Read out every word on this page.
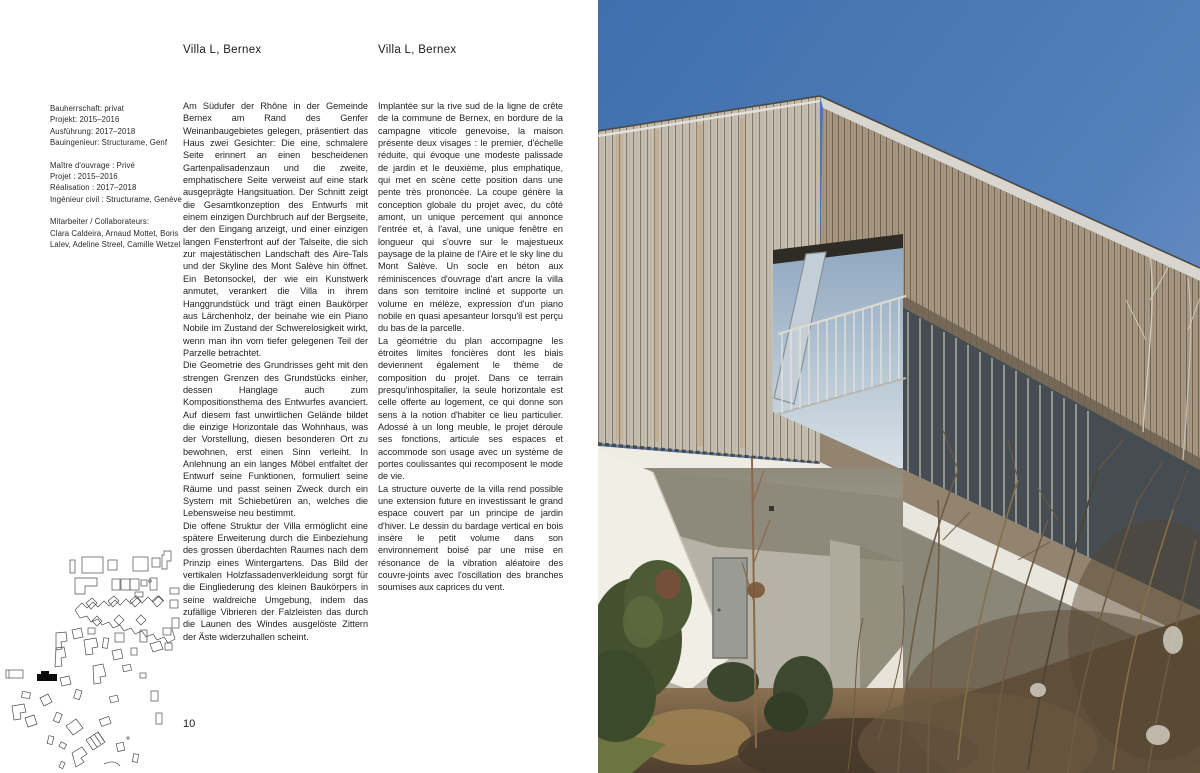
Bauherrschaft: privat
Projekt: 2015–2016
Ausführung: 2017–2018
Bauingenieur: Structurame, Genf
Maître d'ouvrage : Privé
Projet : 2015–2016
Réalisation : 2017–2018
Ingénieur civil : Structurame, Genève
Mitarbeiter / Collaborateurs:
Clara Caldeira, Arnaud Mottet, Boris Lalev, Adeline Streel, Camille Wetzel
Villa L, Bernex

Am Südufer der Rhône in der Gemeinde Bernex am Rand des Genfer Weinanbaugebietes gelegen, präsentiert das Haus zwei Gesichter: Die eine, schmalere Seite erinnert an einen bescheidenen Gartenpalisadenzaun und die zweite, emphatischere Seite verweist auf eine stark ausgeprägte Hangsituation. Der Schnitt zeigt die Gesamtkonzeption des Entwurfs mit einem einzigen Durchbruch auf der Bergseite, der den Eingang anzeigt, und einer einzigen langen Fensterfront auf der Talseite, die sich zur majestätischen Landschaft des Aire-Tals und der Skyline des Mont Salève hin öffnet. Ein Betonsockel, der wie ein Kunstwerk anmutet, verankert die Villa in ihrem Hanggrundstück und trägt einen Baukörper aus Lärchenholz, der beinahe wie ein Piano Nobile im Zustand der Schwerelosigkeit wirkt, wenn man ihn vom tiefer gelegenen Teil der Parzelle betrachtet.

Die Geometrie des Grundrisses geht mit den strengen Grenzen des Grundstücks einher, dessen Hanglage auch zum Kompositionsthema des Entwurfes avanciert. Auf diesem fast unwirtlichen Gelände bildet die einzige Horizontale das Wohnhaus, was der Vorstellung, diesen besonderen Ort zu bewohnen, erst einen Sinn verleiht. In Anlehnung an ein langes Möbel entfaltet der Entwurf seine Funktionen, formuliert seine Räume und passt seinen Zweck durch ein System mit Schiebetüren an, welches die Lebensweise neu bestimmt.

Die offene Struktur der Villa ermöglicht eine spätere Erweiterung durch die Einbeziehung des grossen überdachten Raumes nach dem Prinzip eines Wintergartens. Das Bild der vertikalen Holzfassadenverkleidung sorgt für die Eingliederung des kleinen Baukörpers in seine waldreiche Umgebung, indem das zufällige Vibrieren der Falzleisten das durch die Launen des Windes ausgelöste Zittern der Äste widerzuhallen scheint.

Villa L, Bernex

Implantée sur la rive sud de la ligne de crête de la commune de Bernex, en bordure de la campagne viticole genevoise, la maison présente deux visages : le premier, d'échelle réduite, qui évoque une modeste palissade de jardin et le deuxième, plus emphatique, qui met en scène cette position dans une pente très prononcée. La coupe génère la conception globale du projet avec, du côté amont, un unique percement qui annonce l'entrée et, à l'aval, une unique fenêtre en longueur qui s'ouvre sur le majestueux paysage de la plaine de l'Aire et le sky line du Mont Salève. Un socle en béton aux réminiscences d'ouvrage d'art ancre la villa dans son territoire incliné et supporte un volume en mélèze, expression d'un piano nobile en quasi apesanteur lorsqu'il est perçu du bas de la parcelle.

La géométrie du plan accompagne les étroites limites foncières dont les biais deviennent également le thème de composition du projet. Dans ce terrain presqu'inhospitalier, la seule horizontale est celle offerte au logement, ce qui donne son sens à la notion d'habiter ce lieu particulier. Adossé à un long meuble, le projet déroule ses fonctions, articule ses espaces et accommode son usage avec un système de portes coulissantes qui recomposent le mode de vie.

La structure ouverte de la villa rend possible une extension future en investissant le grand espace couvert par un principe de jardin d'hiver. Le dessin du bardage vertical en bois insère le petit volume dans son environnement boisé par une mise en résonance de la vibration aléatoire des couvre-joints avec l'oscillation des branches soumises aux caprices du vent.

10
